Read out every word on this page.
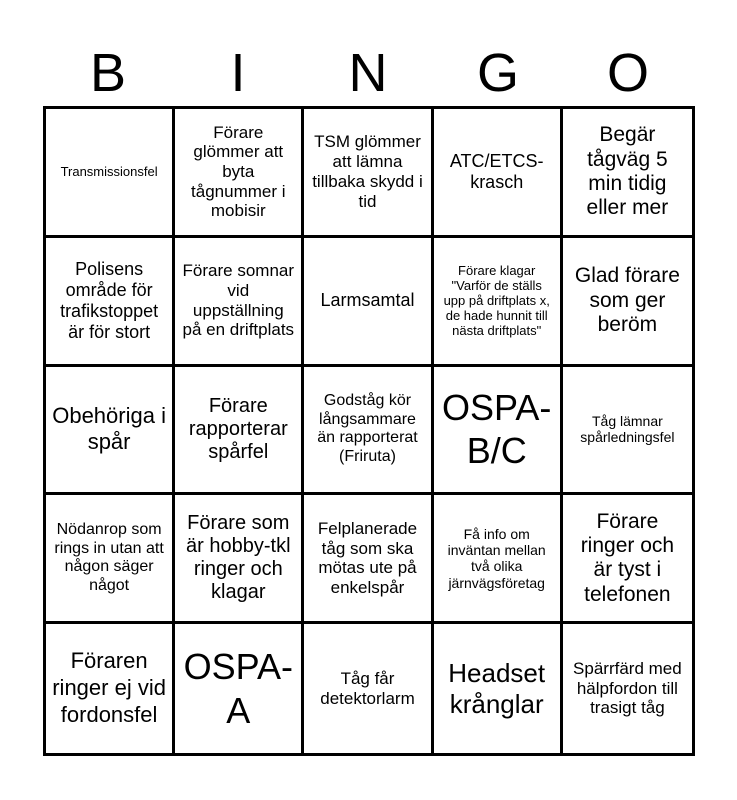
B	I	N	G	O
Transmissionsfel
Förare glömmer att byta tågnummer i mobisir
TSM glömmer att lämna tillbaka skydd i tid
ATC/ETCS-krasch
Begär tågväg 5 min tidig eller mer
Polisens område för trafikstoppet är för stort
Förare somnar vid uppställning på en driftplats
Larmsamtal
Förare klagar "Varför de ställs upp på driftplats x, de hade hunnit till nästa driftplats"
Glad förare som ger beröm
Obehöriga i spår
Förare rapporterar spårfel
Godståg kör långsammare än rapporterat (Friruta)
OSPA-B/C
Tåg lämnar spårledningsfel
Nödanrop som rings in utan att någon säger något
Förare som är hobby-tkl ringer och klagar
Felplanerade tåg som ska mötas ute på enkelspår
Få info om inväntan mellan två olika järnvägsföretag
Förare ringer och är tyst i telefonen
Föraren ringer ej vid fordonsfel
OSPA-A
Tåg får detektorlarm
Headset krånglar
Spärrfärd med hälpfordon till trasigt tåg
